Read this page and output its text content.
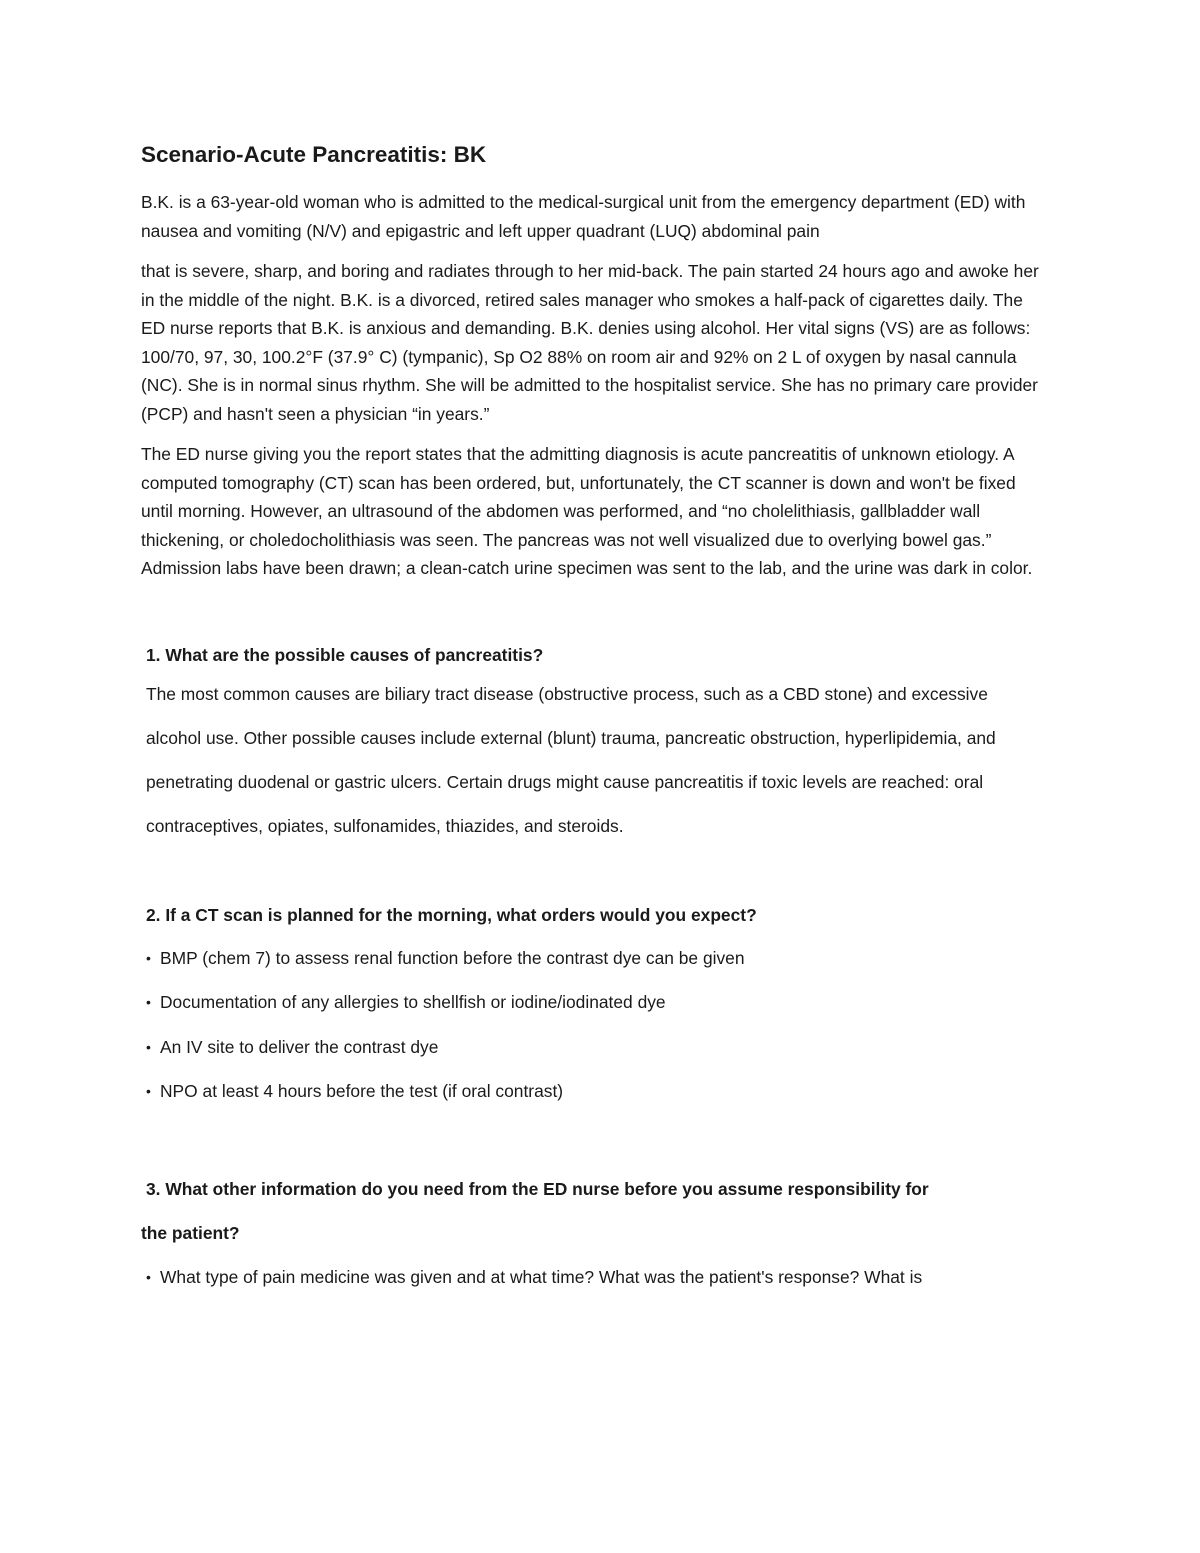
Scenario-Acute Pancreatitis: BK

B.K. is a 63-year-old woman who is admitted to the medical-surgical unit from the emergency department (ED) with nausea and vomiting (N/V) and epigastric and left upper quadrant (LUQ) abdominal pain

that is severe, sharp, and boring and radiates through to her mid-back. The pain started 24 hours ago and awoke her in the middle of the night. B.K. is a divorced, retired sales manager who smokes a half-pack of cigarettes daily. The ED nurse reports that B.K. is anxious and demanding. B.K. denies using alcohol. Her vital signs (VS) are as follows: 100/70, 97, 30, 100.2°F (37.9° C) (tympanic), Sp O2 88% on room air and 92% on 2 L of oxygen by nasal cannula (NC). She is in normal sinus rhythm. She will be admitted to the hospitalist service. She has no primary care provider (PCP) and hasn't seen a physician “in years.”

The ED nurse giving you the report states that the admitting diagnosis is acute pancreatitis of unknown etiology. A computed tomography (CT) scan has been ordered, but, unfortunately, the CT scanner is down and won't be fixed until morning. However, an ultrasound of the abdomen was performed, and “no cholelithiasis, gallbladder wall thickening, or choledocholithiasis was seen. The pancreas was not well visualized due to overlying bowel gas.” Admission labs have been drawn; a clean-catch urine specimen was sent to the lab, and the urine was dark in color.

1. What are the possible causes of pancreatitis?

The most common causes are biliary tract disease (obstructive process, such as a CBD stone) and excessive alcohol use. Other possible causes include external (blunt) trauma, pancreatic obstruction, hyperlipidemia, and penetrating duodenal or gastric ulcers. Certain drugs might cause pancreatitis if toxic levels are reached: oral contraceptives, opiates, sulfonamides, thiazides, and steroids.

2. If a CT scan is planned for the morning, what orders would you expect?

• BMP (chem 7) to assess renal function before the contrast dye can be given
• Documentation of any allergies to shellfish or iodine/iodinated dye
• An IV site to deliver the contrast dye
• NPO at least 4 hours before the test (if oral contrast)
3. What other information do you need from the ED nurse before you assume responsibility for
the patient?
• What type of pain medicine was given and at what time? What was the patient's response? What is
